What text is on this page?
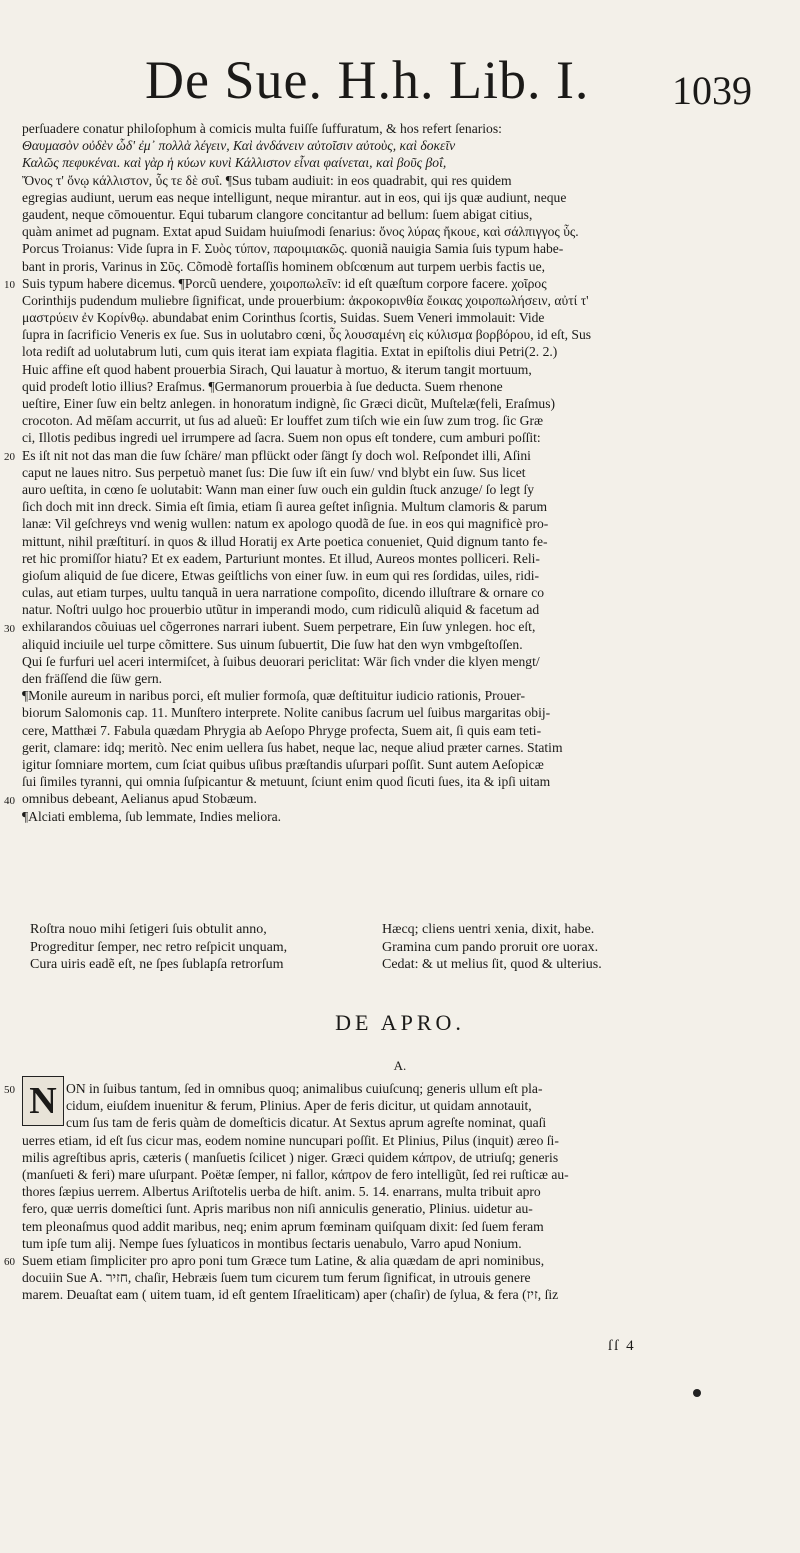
De Sue. H.h. Lib. I. 1039
perſuadere conatur philoſophum à comicis multa fuiſſe ſuffuratum, & hos refert ſenarios:
Θαυμασὸν οὐδὲν ὧδ' ἐμ᾿ πολλὰ λέγειν, Καὶ ἀνδάνειν αὐτοῖσιν αὐτοὺς, καὶ δοκεῖν
Καλῶς πεφυκέναι. καὶ γὰρ ἡ κύων κυνὶ Κάλλιστον εἶναι φαίνεται, καὶ βοῦς βοΐ,
Ὄνος τ' ὄνῳ κάλλιστον, ὗς τε δὲ συΐ. ¶Sus tubam audiuit: in eos quadrabit, qui res quidem
egregias audiunt, uerum eas neque intelligunt, neque mirantur. aut in eos, qui ijs quæ audiunt, neque
gaudent, neque cōmouentur. Equi tubarum clangore concitantur ad bellum: ſuem abigat citius,
quàm animet ad pugnam. Extat apud Suidam huiuſmodi ſenarius: ὄνος λύρας ἤκουε, καὶ σάλπιγγος ὗς.
Porcus Troianus: Vide ſupra in F. Συὸς τύπον, παροιμιακῶς. quoniã nauigia Samia ſuis typum habe-
bant in proris, Varinus in Σῦς. Cõmodè fortaſſis hominem obſcœnum aut turpem uerbis factis ue,
Suis typum habere dicemus. ¶Porcũ uendere, χοιροπωλεῖν: id eſt quæſtum corpore facere. χοῖρος
10
Corinthijs pudendum muliebre ſignificat, unde prouerbium: ἀκροκορινθία ἔοικας χοιροπωλήσειν, αὐτί τ'
μαστρύειν ἐν Κορίνθῳ. abundabat enim Corinthus ſcortis, Suidas. Suem Veneri immolauit: Vide
ſupra in ſacrificio Veneris ex ſue. Sus in uolutabro cœni, ὗς λουσαμένη εἰς κύλισμα βορβόρου, id eſt, Sus
lota rediſt ad uolutabrum luti, cum quis iterat iam expiata flagitia. Extat in epiſtolis diui Petri(2. 2.)
Huic affine eſt quod habent prouerbia Sirach, Qui lauatur à mortuo, & iterum tangit mortuum,
quid prodeſt lotio illius? Eraſmus. ¶Germanorum prouerbia à ſue deducta. Suem rhenone
ueſtire, Einer ſuw ein beltz anlegen. in honoratum indignè, ſic Græci dicũt, Muſtelæ(feli, Eraſmus)
crocoton. Ad mēſam accurrit, ut ſus ad alueũ: Er louffet zum tiſch wie ein ſuw zum trog. ſic Græ
ci, Illotis pedibus ingredi uel irrumpere ad ſacra. Suem non opus eſt tondere, cum amburi poſſit:
Es iſt nit not das man die ſuw ſchäre/ man pflückt oder ſängt ſy doch wol. Reſpondet illi, Aſini
20
caput ne laues nitro. Sus perpetuò manet ſus: Die ſuw iſt ein ſuw/ vnd blybt ein ſuw. Sus licet
auro ueſtita, in cœno ſe uolutabit: Wann man einer ſuw ouch ein guldin ſtuck anzuge/ ſo legt ſy
ſich doch mit inn dreck. Simia eſt ſimia, etiam ſi aurea geſtet inſignia. Multum clamoris & parum
lanæ: Vil geſchreys vnd wenig wullen: natum ex apologo quodã de ſue. in eos qui magnificè pro-
mittunt, nihil præſtiturí. in quos & illud Horatij ex Arte poetica conueniet, Quid dignum tanto fe-
ret hic promiſſor hiatu? Et ex eadem, Parturiunt montes. Et illud, Aureos montes polliceri. Reli-
gioſum aliquid de ſue dicere, Etwas geiſtlichs von einer ſuw. in eum qui res ſordidas, uiles, ridi-
culas, aut etiam turpes, uultu tanquã in uera narratione compoſito, dicendo illuſtrare & ornare co
natur. Noſtri uulgo hoc prouerbio utũtur in imperandi modo, cum ridiculũ aliquid & facetum ad
exhilarandos cõuiuas uel cõgerrones narrari iubent. Suem perpetrare, Ein ſuw ynlegen. hoc eſt,
30
aliquid inciuile uel turpe cõmittere. Sus uinum ſubuertit, Die ſuw hat den wyn vmbgeſtoſſen.
Qui ſe furfuri uel aceri intermiſcet, à ſuibus deuorari periclitat: Wär ſich vnder die klyen mengt/
den fräſſend die ſüw gern.
¶Monile aureum in naribus porci, eſt mulier formoſa, quæ deſtituitur iudicio rationis, Prouer-
biorum Salomonis cap. 11. Munſtero interprete. Nolite canibus ſacrum uel ſuibus margaritas obij-
cere, Matthæi 7. Fabula quædam Phrygia ab Aeſopo Phryge profecta, Suem ait, ſi quis eam teti-
gerit, clamare: idq; meritò. Nec enim uellera ſus habet, neque lac, neque aliud præter carnes. Statim
igitur ſomniare mortem, cum ſciat quibus uſibus præſtandis uſurpari poſſit. Sunt autem Aeſopicæ
ſui ſimiles tyranni, qui omnia ſuſpicantur & metuunt, ſciunt enim quod ſicuti ſues, ita & ipſi uitam
omnibus debeant, Aelianus apud Stobæum.
40
¶Alciati emblema, ſub lemmate, Indies meliora.
Roſtra nouo mihi ſetigeri ſuis obtulit anno,
Progreditur ſemper, nec retro reſpicit unquam,
Cura uiris eadẽ eſt, ne ſpes ſublapſa retrorſum
Hæcq; cliens uentri xenia, dixit, habe.
Gramina cum pando proruit ore uorax.
Cedat: & ut melius ſit, quod & ulterius.
DE APRO.
A.
N ON in ſuibus tantum, ſed in omnibus quoq; animalibus cuiuſcunq; generis ullum eſt pla-
50
cidum, eiuſdem inuenitur & ferum, Plinius. Aper de feris dicitur, ut quidam annotauit,
cum ſus tam de feris quàm de domeſticis dicatur. At Sextus aprum agreſte nominat, quaſi
uerres etiam, id eſt ſus cicur mas, eodem nomine nuncupari poſſit. Et Plinius, Pilus (inquit) æreo ſi-
milis agreſtibus apris, cæteris ( manſuetis ſcilicet ) niger. Græci quidem κάπρον, de utriuſq; generis
(manſueti & feri) mare uſurpant. Poëtæ ſemper, ni fallor, κάπρον de fero intelligũt, ſed rei ruſticæ au-
thores ſæpius uerrem. Albertus Ariſtotelis uerba de hiſt. anim. 5. 14. enarrans, multa tribuit apro
fero, quæ uerris domeſtici ſunt. Apris maribus non niſi anniculis generatio, Plinius. uidetur au-
tem pleonaſmus quod addit maribus, neq; enim aprum fœminam quiſquam dixit: ſed ſuem feram
tum ipſe tum alij. Nempe ſues ſyluaticos in montibus ſectaris uenabulo, Varro apud Nonium.
Suem etiam ſimpliciter pro apro poni tum Græce tum Latine, & alia quædam de apri nominibus,
60
docuiin Sue A. חזיר, chaſir, Hebræis ſuem tum cicurem tum ferum ſignificat, in utrouis genere
marem. Deuaſtat eam ( uitem tuam, id eſt gentem Iſraeliticam) aper (chaſir) de ſylua, & fera (זיז, ſiz
ſſ 4
